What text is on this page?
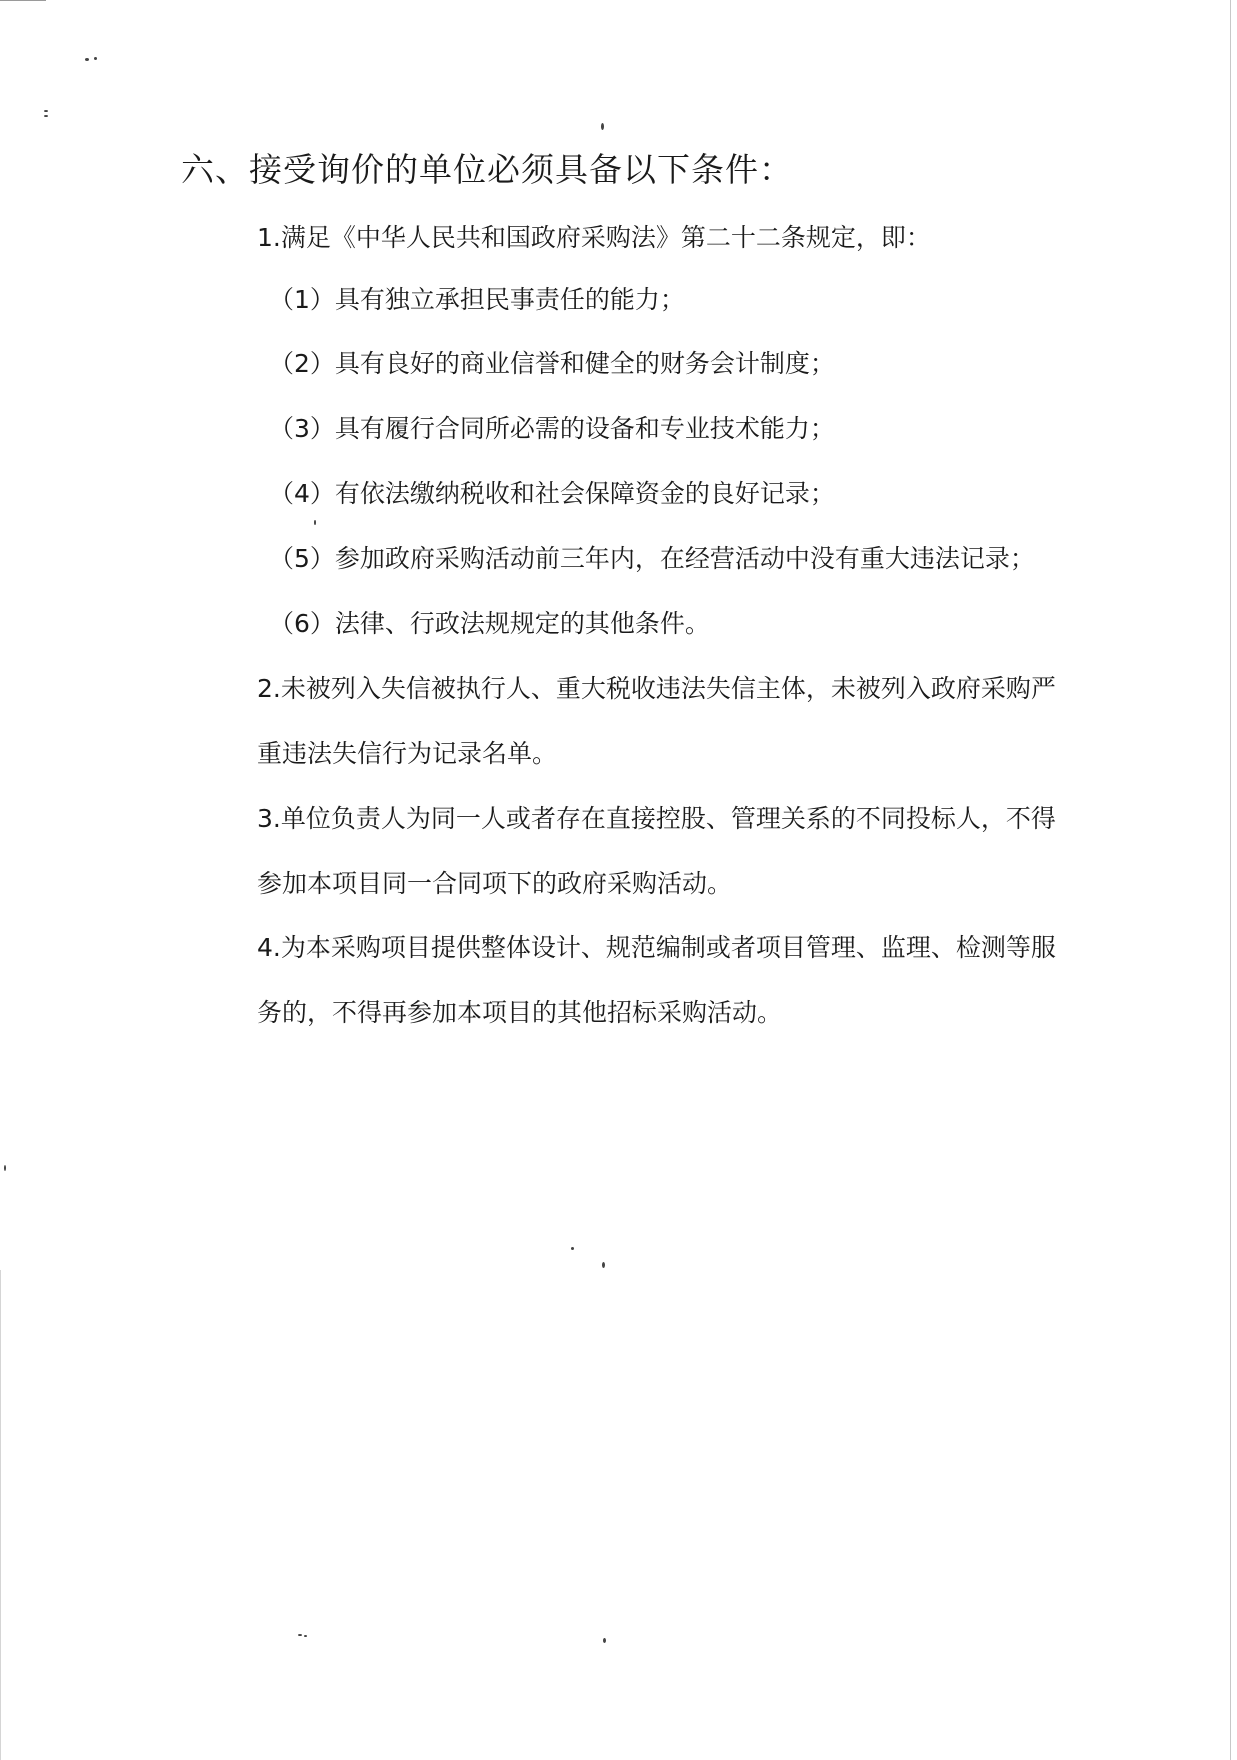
六、接受询价的单位必须具备以下条件：
1.满足《中华人民共和国政府采购法》第二十二条规定，即：
（1）具有独立承担民事责任的能力；
（2）具有良好的商业信誉和健全的财务会计制度；
（3）具有履行合同所必需的设备和专业技术能力；
（4）有依法缴纳税收和社会保障资金的良好记录；
（5）参加政府采购活动前三年内，在经营活动中没有重大违法记录；
（6）法律、行政法规规定的其他条件。
2.未被列入失信被执行人、重大税收违法失信主体，未被列入政府采购严
重违法失信行为记录名单。
3.单位负责人为同一人或者存在直接控股、管理关系的不同投标人，不得
参加本项目同一合同项下的政府采购活动。
4.为本采购项目提供整体设计、规范编制或者项目管理、监理、检测等服
务的，不得再参加本项目的其他招标采购活动。
